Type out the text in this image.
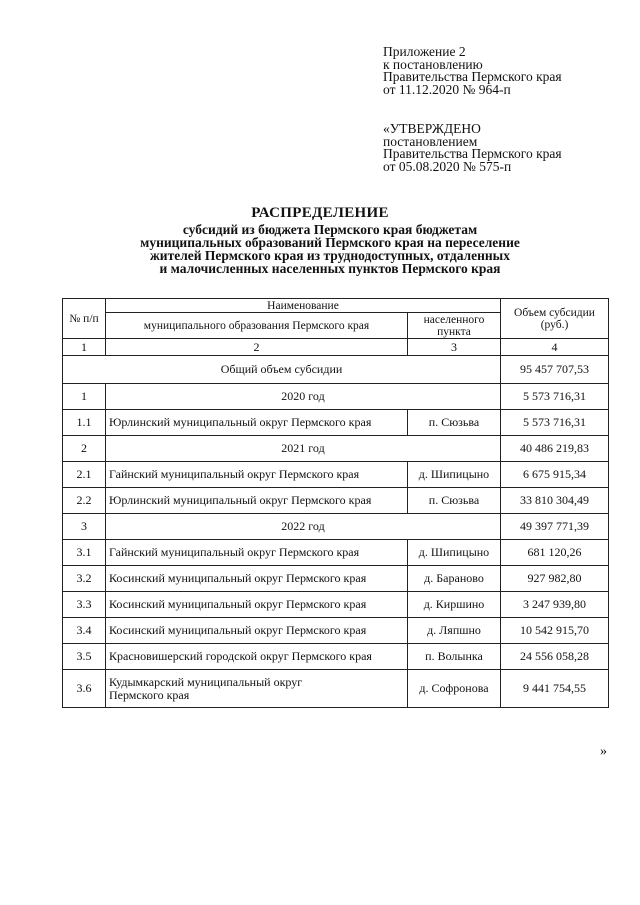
Приложение 2
к постановлению
Правительства Пермского края
от 11.12.2020 № 964-п
«УТВЕРЖДЕНО
постановлением
Правительства Пермского края
от 05.08.2020 № 575-п
РАСПРЕДЕЛЕНИЕ
субсидий из бюджета Пермского края бюджетам
муниципальных образований Пермского края на переселение
жителей Пермского края из труднодоступных, отдаленных
и малочисленных населенных пунктов Пермского края
№ п/п	Наименование		Объем субсидии (руб.)
	муниципального образования Пермского края	населенного пункта	
1	2	3	4
Общий объем субсидии			95 457 707,53
1	2020 год		5 573 716,31
1.1	Юрлинский муниципальный округ Пермского края	п. Сюзьва	5 573 716,31
2	2021 год		40 486 219,83
2.1	Гайнский муниципальный округ Пермского края	д. Шипицыно	6 675 915,34
2.2	Юрлинский муниципальный округ Пермского края	п. Сюзьва	33 810 304,49
3	2022 год		49 397 771,39
3.1	Гайнский муниципальный округ Пермского края	д. Шипицыно	681 120,26
3.2	Косинский муниципальный округ Пермского края	д. Бараново	927 982,80
3.3	Косинский муниципальный округ Пермского края	д. Киршино	3 247 939,80
3.4	Косинский муниципальный округ Пермского края	д. Ляпшно	10 542 915,70
3.5	Красновишерский городской округ Пермского края	п. Волынка	24 556 058,28
3.6	Кудымкарский муниципальный округ
Пермского края	д. Софронова	9 441 754,55
»
